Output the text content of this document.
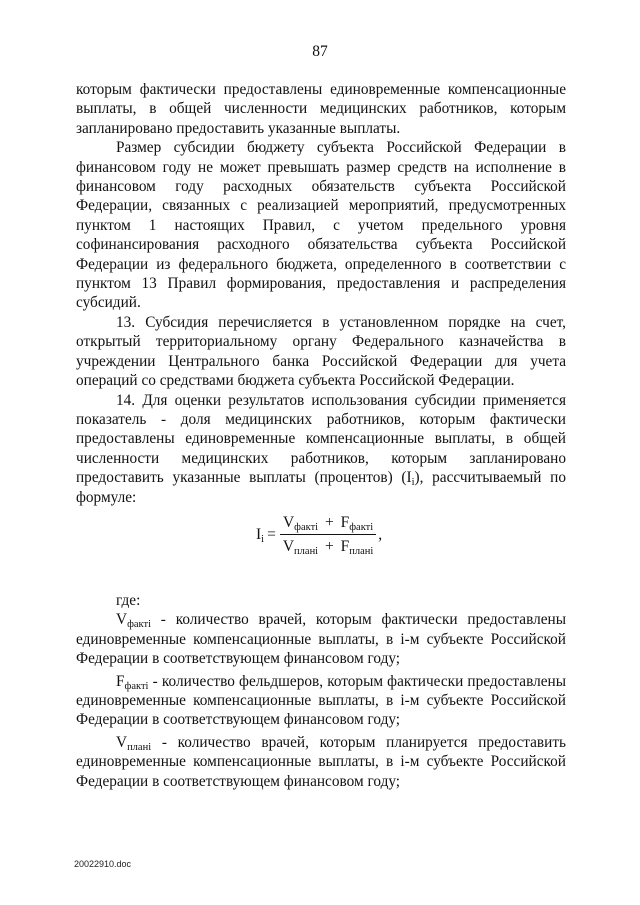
87

которым фактически предоставлены единовременные компенсационные выплаты, в общей численности медицинских работников, которым запланировано предоставить указанные выплаты.

Размер субсидии бюджету субъекта Российской Федерации в финансовом году не может превышать размер средств на исполнение в финансовом году расходных обязательств субъекта Российской Федерации, связанных с реализацией мероприятий, предусмотренных пунктом 1 настоящих Правил, с учетом предельного уровня софинансирования расходного обязательства субъекта Российской Федерации из федерального бюджета, определенного в соответствии с пунктом 13 Правил формирования, предоставления и распределения субсидий.

13. Субсидия перечисляется в установленном порядке на счет, открытый территориальному органу Федерального казначейства в учреждении Центрального банка Российской Федерации для учета операций со средствами бюджета субъекта Российской Федерации.

14. Для оценки результатов использования субсидии применяется показатель - доля медицинских работников, которым фактически предоставлены единовременные компенсационные выплаты, в общей численности медицинских работников, которым запланировано предоставить указанные выплаты (процентов) $(I_i)$, рассчитываемый по формуле:

$I_i = \frac{V_{фактi} + F_{фактi}}{V_{планi} + F_{планi}}$ ,

где:

$V_{фактi}$ - количество врачей, которым фактически предоставлены единовременные компенсационные выплаты, в i-м субъекте Российской Федерации в соответствующем финансовом году;

$F_{фактi}$ - количество фельдшеров, которым фактически предоставлены единовременные компенсационные выплаты, в i-м субъекте Российской Федерации в соответствующем финансовом году;

$V_{планi}$ - количество врачей, которым планируется предоставить единовременные компенсационные выплаты, в i-м субъекте Российской Федерации в соответствующем финансовом году;

20022910.doc
